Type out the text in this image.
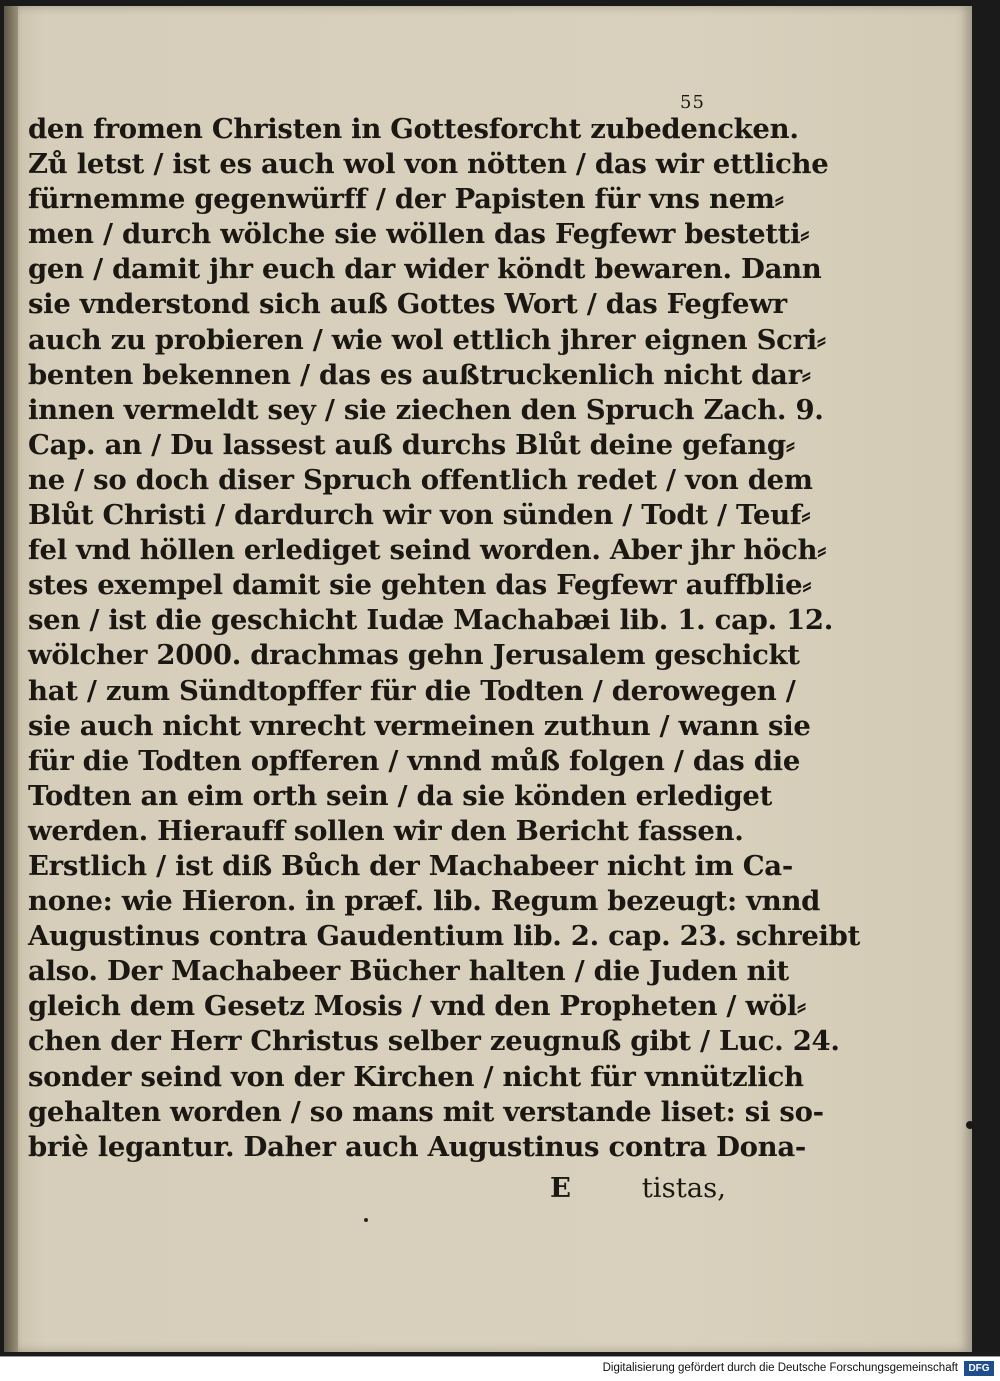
55
den fromen Christen in Gottesforcht zubedencken.
Zů letst / ist es auch wol von nötten / das wir ettliche
fürnemme gegenwürff / der Papisten für vns nem⸗
men / durch wölche sie wöllen das Fegfewr bestetti⸗
gen / damit jhr euch dar wider köndt bewaren. Dann
sie vnderstond sich auß Gottes Wort / das Fegfewr
auch zu probieren / wie wol ettlich jhrer eignen Scri⸗
benten bekennen / das es außtruckenlich nicht dar⸗
innen vermeldt sey / sie ziechen den Spruch Zach. 9.
Cap. an / Du lassest auß durchs Blůt deine gefang⸗
ne / so doch diser Spruch offentlich redet / von dem
Blůt Christi / dardurch wir von sünden / Todt / Teuf⸗
fel vnd höllen erlediget seind worden. Aber jhr höch⸗
stes exempel damit sie gehten das Fegfewr auffblie⸗
sen / ist die geschicht Iudæ Machabæi lib. 1. cap. 12.
wölcher 2000. drachmas gehn Jerusalem geschickt
hat / zum Sündtopffer für die Todten / derowegen /
sie auch nicht vnrecht vermeinen zuthun / wann sie
für die Todten opfferen / vnnd můß folgen / das die
Todten an eim orth sein / da sie könden erlediget
werden. Hierauff sollen wir den Bericht fassen.
Erstlich / ist diß Bůch der Machabeer nicht im Ca-
none: wie Hieron. in præf. lib. Regum bezeugt: vnnd
Augustinus contra Gaudentium lib. 2. cap. 23. schreibt
also. Der Machabeer Bücher halten / die Juden nit
gleich dem Gesetz Mosis / vnd den Propheten / wöl⸗
chen der Herr Christus selber zeugnuß gibt / Luc. 24.
sonder seind von der Kirchen / nicht für vnnützlich
gehalten worden / so mans mit verstande liset: si so-
briè legantur. Daher auch Augustinus contra Dona-
E	tistas,
Digitalisierung gefördert durch die Deutsche Forschungsgemeinschaft	DFG
